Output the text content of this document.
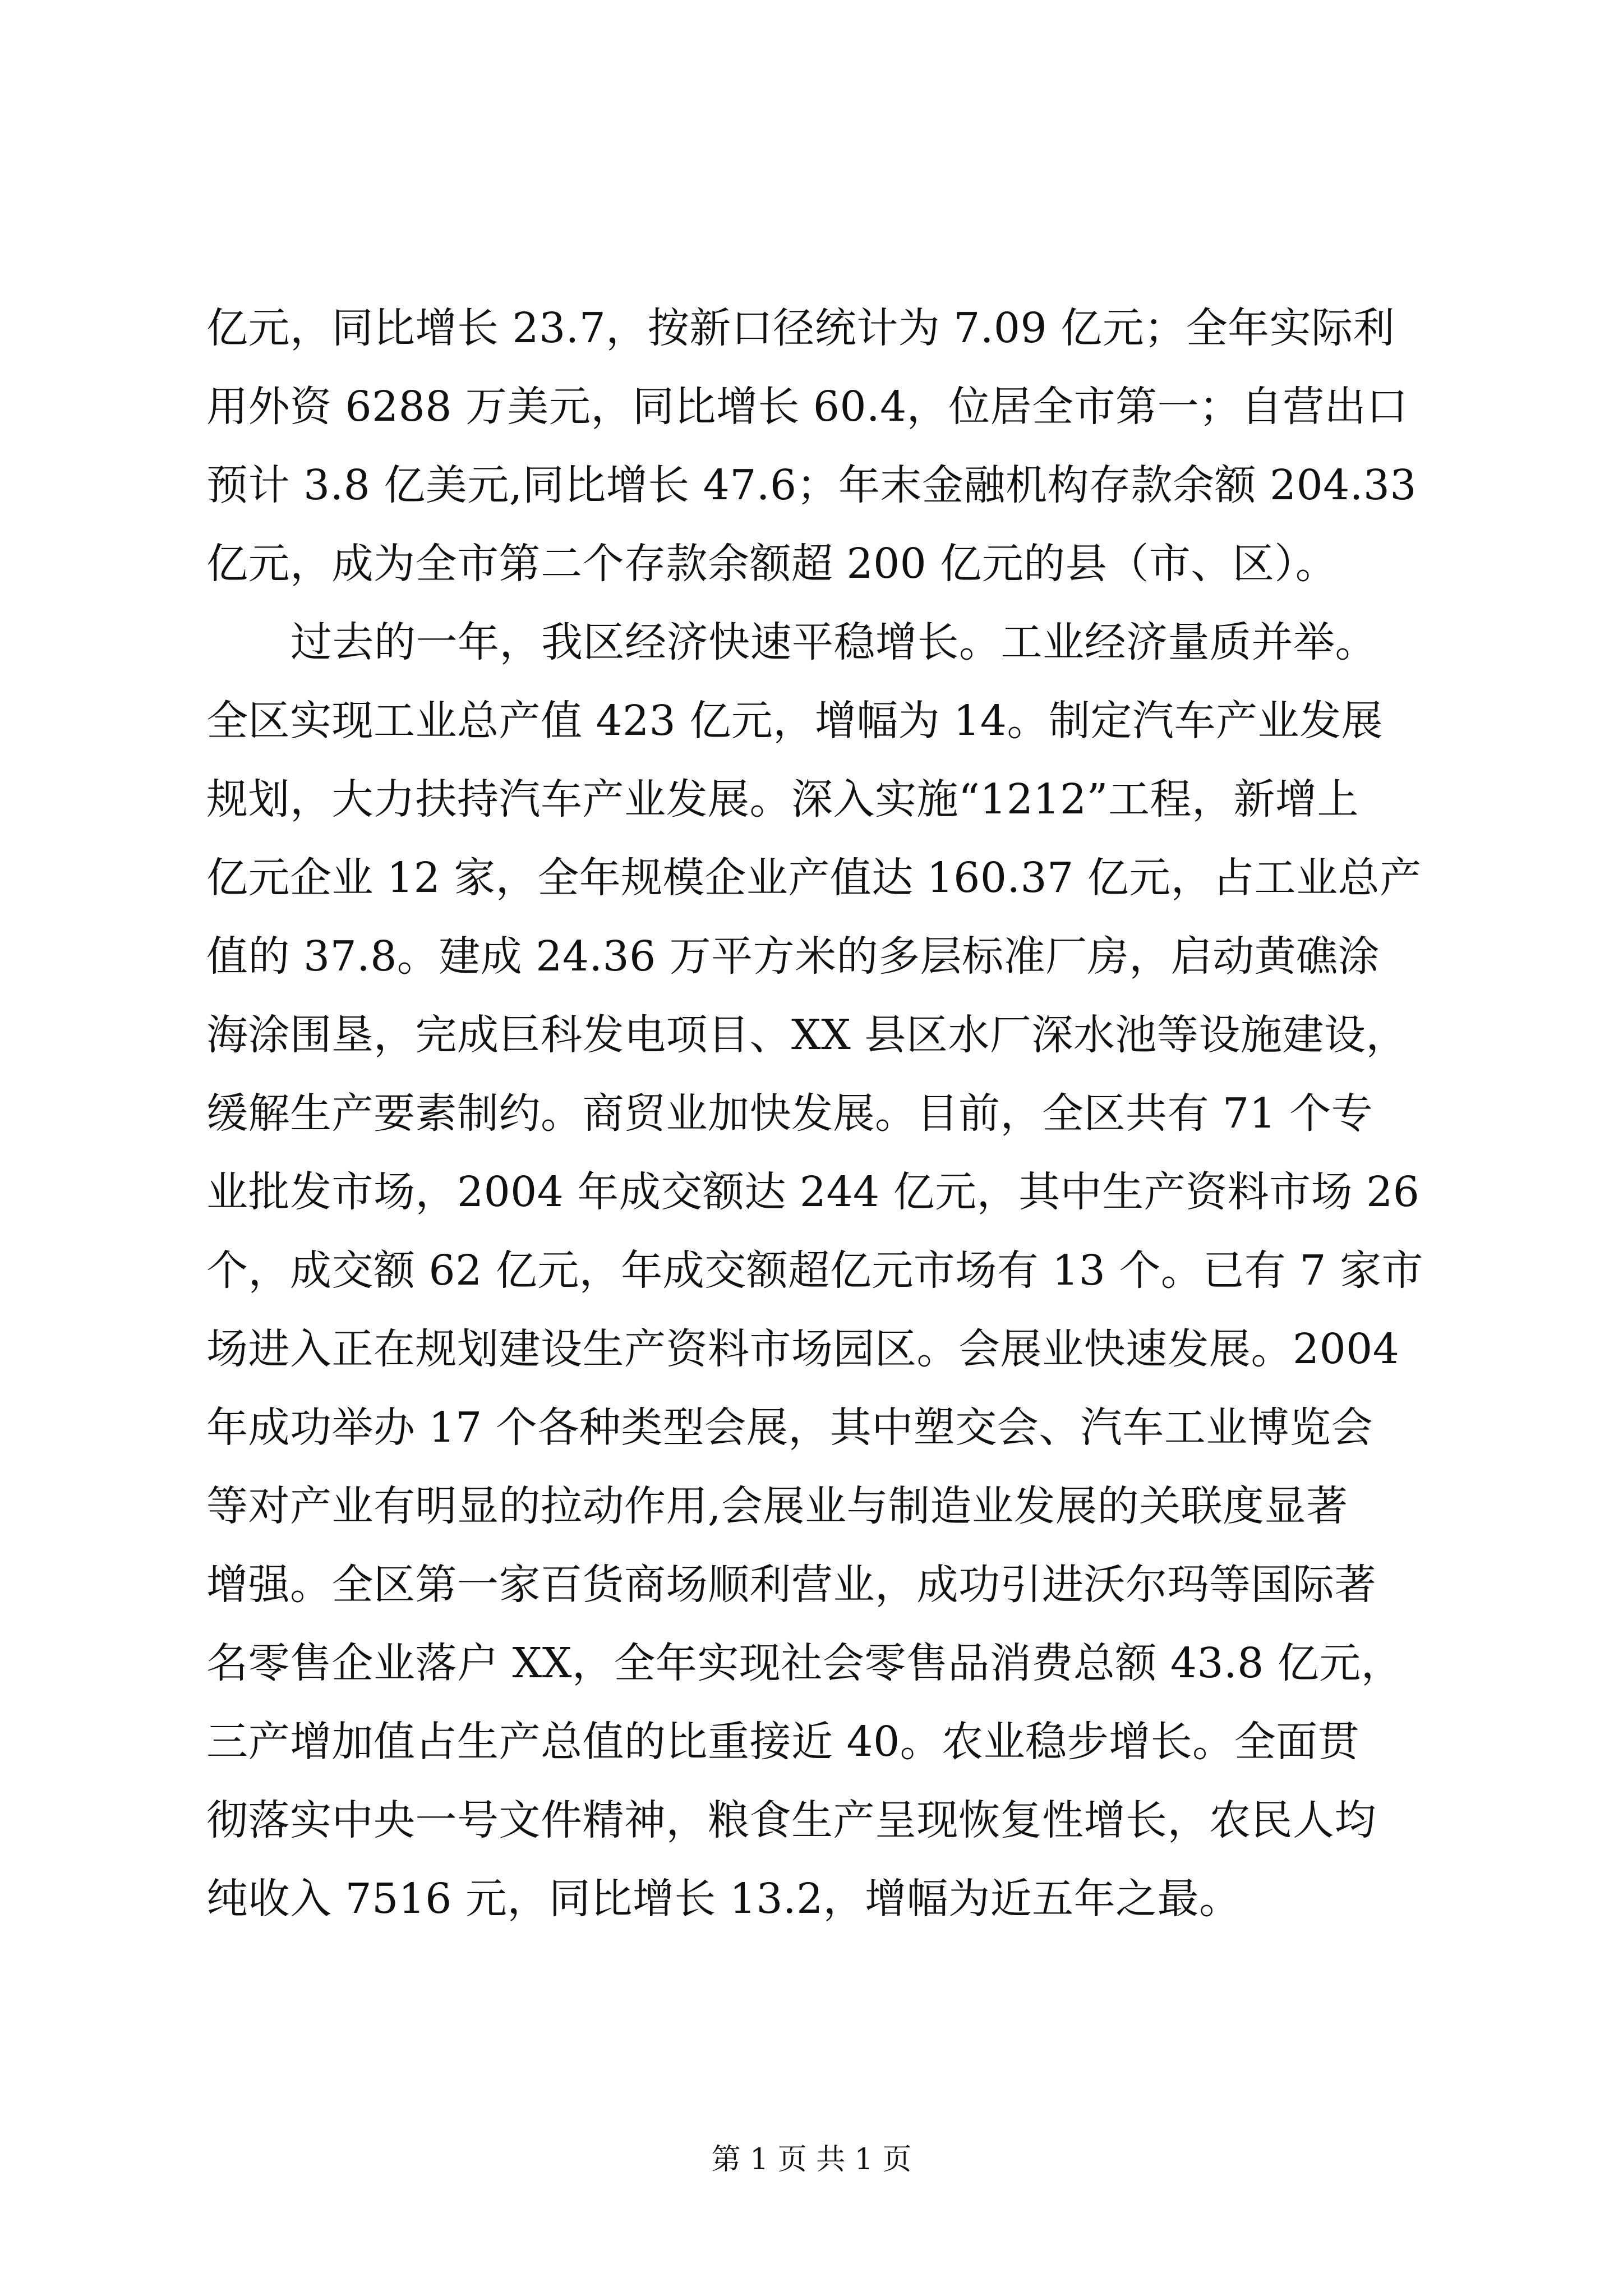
亿元，同比增长 23.7，按新口径统计为 7.09 亿元；全年实际利
用外资 6288 万美元，同比增长 60.4，位居全市第一；自营出口
预计 3.8 亿美元,同比增长 47.6；年末金融机构存款余额 204.33
亿元，成为全市第二个存款余额超 200 亿元的县（市、区）。
过去的一年，我区经济快速平稳增长。工业经济量质并举。
全区实现工业总产值 423 亿元，增幅为 14。制定汽车产业发展
规划，大力扶持汽车产业发展。深入实施“1212”工程，新增上
亿元企业 12 家，全年规模企业产值达 160.37 亿元，占工业总产
值的 37.8。建成 24.36 万平方米的多层标准厂房，启动黄礁涂
海涂围垦，完成巨科发电项目、XX 县区水厂深水池等设施建设，
缓解生产要素制约。商贸业加快发展。目前，全区共有 71 个专
业批发市场，2004 年成交额达 244 亿元，其中生产资料市场 26
个，成交额 62 亿元，年成交额超亿元市场有 13 个。已有 7 家市
场进入正在规划建设生产资料市场园区。会展业快速发展。2004
年成功举办 17 个各种类型会展，其中塑交会、汽车工业博览会
等对产业有明显的拉动作用,会展业与制造业发展的关联度显著
增强。全区第一家百货商场顺利营业，成功引进沃尔玛等国际著
名零售企业落户 XX，全年实现社会零售品消费总额 43.8 亿元，
三产增加值占生产总值的比重接近 40。农业稳步增长。全面贯
彻落实中央一号文件精神，粮食生产呈现恢复性增长，农民人均
纯收入 7516 元，同比增长 13.2，增幅为近五年之最。
第 1 页 共 1 页
